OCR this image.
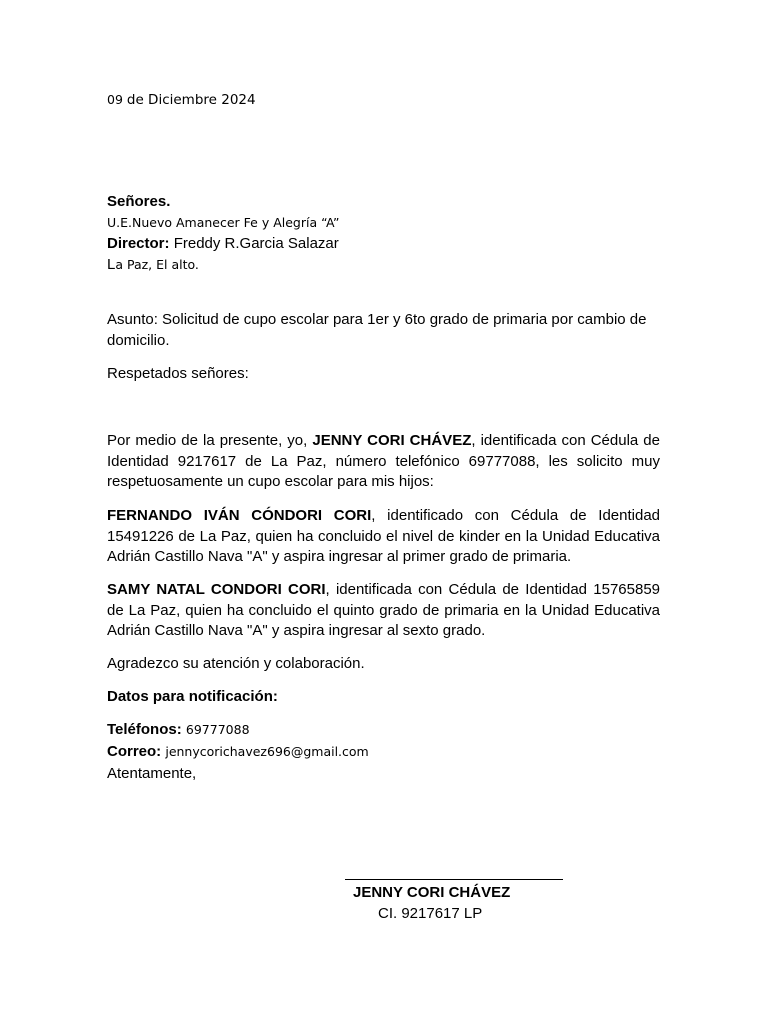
09 de Diciembre 2024
Señores.
U.E.Nuevo Amanecer Fe y Alegría “A”
Director: Freddy R.Garcia Salazar
La Paz, El alto.
Asunto: Solicitud de cupo escolar para 1er y 6to grado de primaria por cambio de domicilio.
Respetados señores:
Por medio de la presente, yo, JENNY CORI CHÁVEZ, identificada con Cédula de Identidad 9217617 de La Paz, número telefónico 69777088, les solicito muy respetuosamente un cupo escolar para mis hijos:
FERNANDO IVÁN CÓNDORI CORI, identificado con Cédula de Identidad 15491226 de La Paz, quien ha concluido el nivel de kinder en la Unidad Educativa Adrián Castillo Nava "A" y aspira ingresar al primer grado de primaria.
SAMY NATAL CONDORI CORI, identificada con Cédula de Identidad 15765859 de La Paz, quien ha concluido el quinto grado de primaria en la Unidad Educativa Adrián Castillo Nava "A" y aspira ingresar al sexto grado.
Agradezco su atención y colaboración.
Datos para notificación:
Teléfonos: 69777088
Correo: jennycorichavez696@gmail.com
Atentamente,
JENNY CORI CHÁVEZ
CI. 9217617 LP
